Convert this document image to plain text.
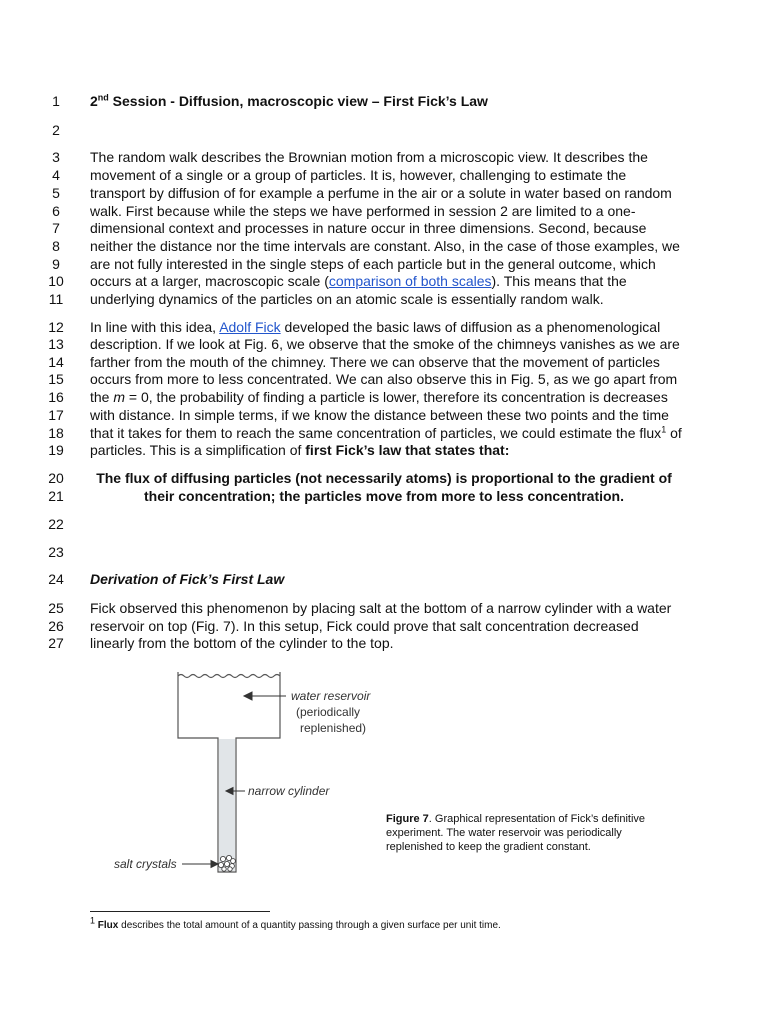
1	2nd Session - Diffusion, macroscopic view – First Fick’s Law
2
3	The random walk describes the Brownian motion from a microscopic view. It describes the
4	movement of a single or a group of particles. It is, however, challenging to estimate the
5	transport by diffusion of for example a perfume in the air or a solute in water based on random
6	walk. First because while the steps we have performed in session 2 are limited to a one-
7	dimensional context and processes in nature occur in three dimensions. Second, because
8	neither the distance nor the time intervals are constant. Also, in the case of those examples, we
9	are not fully interested in the single steps of each particle but in the general outcome, which
10	occurs at a larger, macroscopic scale (comparison of both scales). This means that the
11	underlying dynamics of the particles on an atomic scale is essentially random walk.
12	In line with this idea, Adolf Fick developed the basic laws of diffusion as a phenomenological
13	description. If we look at Fig. 6, we observe that the smoke of the chimneys vanishes as we are
14	farther from the mouth of the chimney. There we can observe that the movement of particles
15	occurs from more to less concentrated. We can also observe this in Fig. 5, as we go apart from
16	the m = 0, the probability of finding a particle is lower, therefore its concentration is decreases
17	with distance. In simple terms, if we know the distance between these two points and the time
18	that it takes for them to reach the same concentration of particles, we could estimate the flux$^1$ of
19	particles. This is a simplification of first Fick’s law that states that:
20	The flux of diffusing particles (not necessarily atoms) is proportional to the gradient of
21	their concentration; the particles move from more to less concentration.
22
23
24	Derivation of Fick’s First Law
25	Fick observed this phenomenon by placing salt at the bottom of a narrow cylinder with a water
26	reservoir on top (Fig. 7). In this setup, Fick could prove that salt concentration decreased
27	linearly from the bottom of the cylinder to the top.
water reservoir
(periodically
replenished)
narrow cylinder
salt crystals
Figure 7. Graphical representation of Fick’s definitive experiment. The water reservoir was periodically replenished to keep the gradient constant.
$^1$ Flux describes the total amount of a quantity passing through a given surface per unit time.
